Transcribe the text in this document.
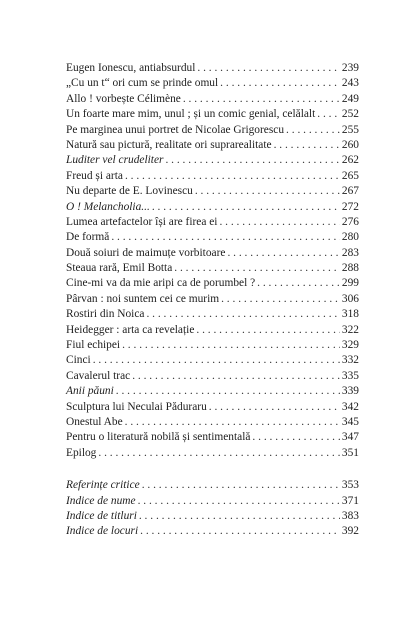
Eugen Ionescu, antiabsurdul . . .	239
„Cu un t“ ori cum se prinde omul . . .	243
Allo ! vorbește Célimène . . .	249
Un foarte mare mim, unul ; și un comic genial, celălalt . . . 252
Pe marginea unui portret de Nicolae Grigorescu . . .	255
Natură sau pictură, realitate ori suprarealitate . . .	260
Luditer vel crudeliter . . .	262
Freud și arta . . .	265
Nu departe de E. Lovinescu . . .	267
O ! Melancholia... . . .	272
Lumea artefactelor își are firea ei . . .	276
De formă . . .	280
Două soiuri de maimuțe vorbitoare . . .	283
Steaua rară, Emil Botta . . .	288
Cine-mi va da mie aripi ca de porumbel ? . . .	299
Pârvan : noi suntem cei ce murim . . .	306
Rostiri din Noica . . .	318
Heidegger : arta ca revelație . . .	322
Fiul echipei . . .	329
Cinci . . .	332
Cavalerul trac . . .	335
Anii păuni . . .	339
Sculptura lui Neculai Păduraru . . .	342
Onestul Abe . . .	345
Pentru o literatură nobilă și sentimentală . . .	347
Epilog . . .	351
Referințe critice . . .	353
Indice de nume . . .	371
Indice de titluri . . .	383
Indice de locuri . . .	392
